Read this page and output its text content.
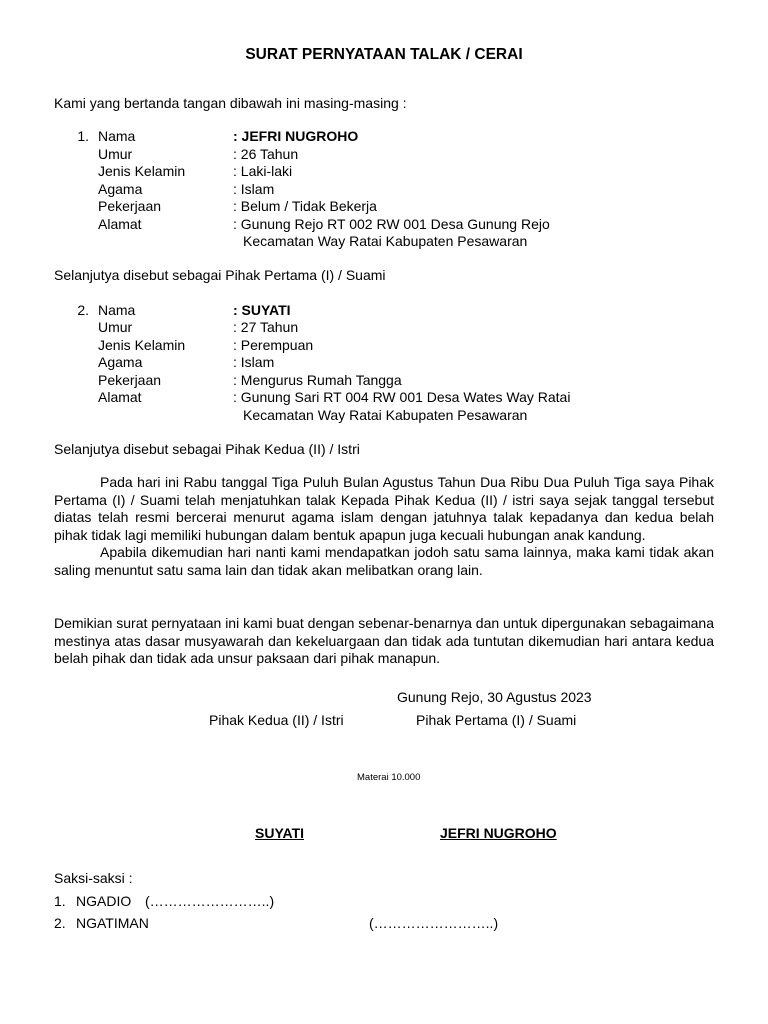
SURAT PERNYATAAN TALAK / CERAI
Kami yang bertanda tangan dibawah ini masing-masing :
1. Nama	: JEFRI NUGROHO
Umur	: 26 Tahun
Jenis Kelamin	: Laki-laki
Agama	: Islam
Pekerjaan	: Belum / Tidak Bekerja
Alamat	: Gunung Rejo RT 002 RW 001 Desa Gunung Rejo
Kecamatan Way Ratai Kabupaten Pesawaran
Selanjutya disebut sebagai Pihak Pertama (I) / Suami
2. Nama	: SUYATI
Umur	: 27 Tahun
Jenis Kelamin	: Perempuan
Agama	: Islam
Pekerjaan	: Mengurus Rumah Tangga
Alamat	: Gunung Sari RT 004 RW 001 Desa Wates Way Ratai
Kecamatan Way Ratai Kabupaten Pesawaran
Selanjutya disebut sebagai Pihak Kedua (II) / Istri

Pada hari ini Rabu tanggal Tiga Puluh Bulan Agustus Tahun Dua Ribu Dua Puluh Tiga saya Pihak Pertama (I) / Suami telah menjatuhkan talak Kepada Pihak Kedua (II) / istri saya sejak tanggal tersebut diatas telah resmi bercerai menurut agama islam dengan jatuhnya talak kepadanya dan kedua belah pihak tidak lagi memiliki hubungan dalam bentuk apapun juga kecuali hubungan anak kandung.

Apabila dikemudian hari nanti kami mendapatkan jodoh satu sama lainnya, maka kami tidak akan saling menuntut satu sama lain dan tidak akan melibatkan orang lain.

Demikian surat pernyataan ini kami buat dengan sebenar-benarnya dan untuk dipergunakan sebagaimana mestinya atas dasar musyawarah dan kekeluargaan dan tidak ada tuntutan dikemudian hari antara kedua belah pihak dan tidak ada unsur paksaan dari pihak manapun.

Gunung Rejo, 30 Agustus 2023
Pihak Kedua (II) / Istri	Pihak Pertama (I) / Suami
Materai 10.000
SUYATI	JEFRI NUGROHO
Saksi-saksi :
1. NGADIO (……………………..)
2. NGATIMAN	(……………………..)
